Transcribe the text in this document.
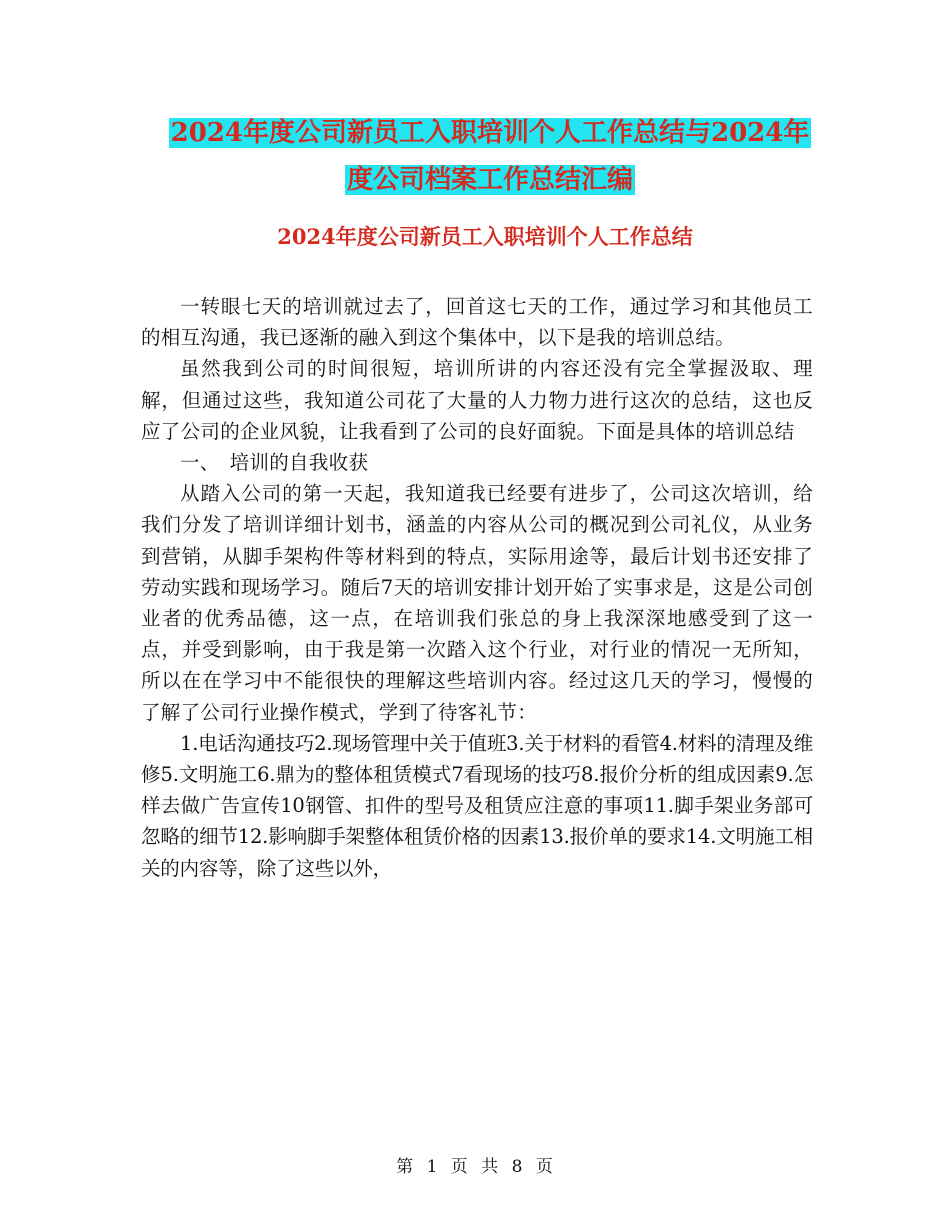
2024年度公司新员工入职培训个人工作总结与2024年
度公司档案工作总结汇编
2024年度公司新员工入职培训个人工作总结

一转眼七天的培训就过去了，回首这七天的工作，通过学习和其他员工的相互沟通，我已逐渐的融入到这个集体中，以下是我的培训总结。

虽然我到公司的时间很短，培训所讲的内容还没有完全掌握汲取、理解，但通过这些，我知道公司花了大量的人力物力进行这次的总结，这也反应了公司的企业风貌，让我看到了公司的良好面貌。下面是具体的培训总结

一、　培训的自我收获

从踏入公司的第一天起，我知道我已经要有进步了，公司这次培训，给我们分发了培训详细计划书，涵盖的内容从公司的概况到公司礼仪，从业务到营销，从脚手架构件等材料到的特点，实际用途等，最后计划书还安排了劳动实践和现场学习。随后7天的培训安排计划开始了实事求是，这是公司创业者的优秀品德，这一点，在培训我们张总的身上我深深地感受到了这一点，并受到影响，由于我是第一次踏入这个行业，对行业的情况一无所知，所以在在学习中不能很快的理解这些培训内容。经过这几天的学习，慢慢的了解了公司行业操作模式，学到了待客礼节：

1.电话沟通技巧2.现场管理中关于值班3.关于材料的看管4.材料的清理及维修5.文明施工6.鼎为的整体租赁模式7看现场的技巧8.报价分析的组成因素9.怎样去做广告宣传10钢管、扣件的型号及租赁应注意的事项11.脚手架业务部可忽略的细节12.影响脚手架整体租赁价格的因素13.报价单的要求14.文明施工相关的内容等，除了这些以外，

第 1 页 共 8 页
